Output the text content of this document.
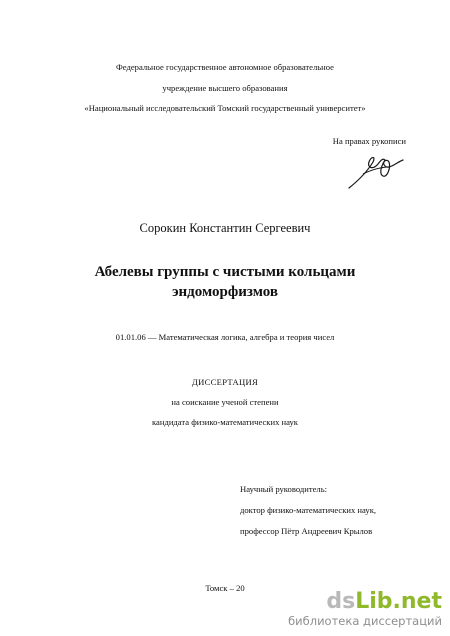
Федеральное государственное автономное образовательное
учреждение высшего образования
«Национальный исследовательский Томский государственный университет»
На правах рукописи
Сорокин Константин Сергеевич
Абелевы группы с чистыми кольцами
эндоморфизмов
01.01.06 — Математическая логика, алгебра и теория чисел
ДИССЕРТАЦИЯ
на соискание ученой степени
кандидата физико-математических наук
Научный руководитель:
доктор физико-математических наук,
профессор Пётр Андреевич Крылов
Томск – 20
dsLib.net
библиотека диссертаций
